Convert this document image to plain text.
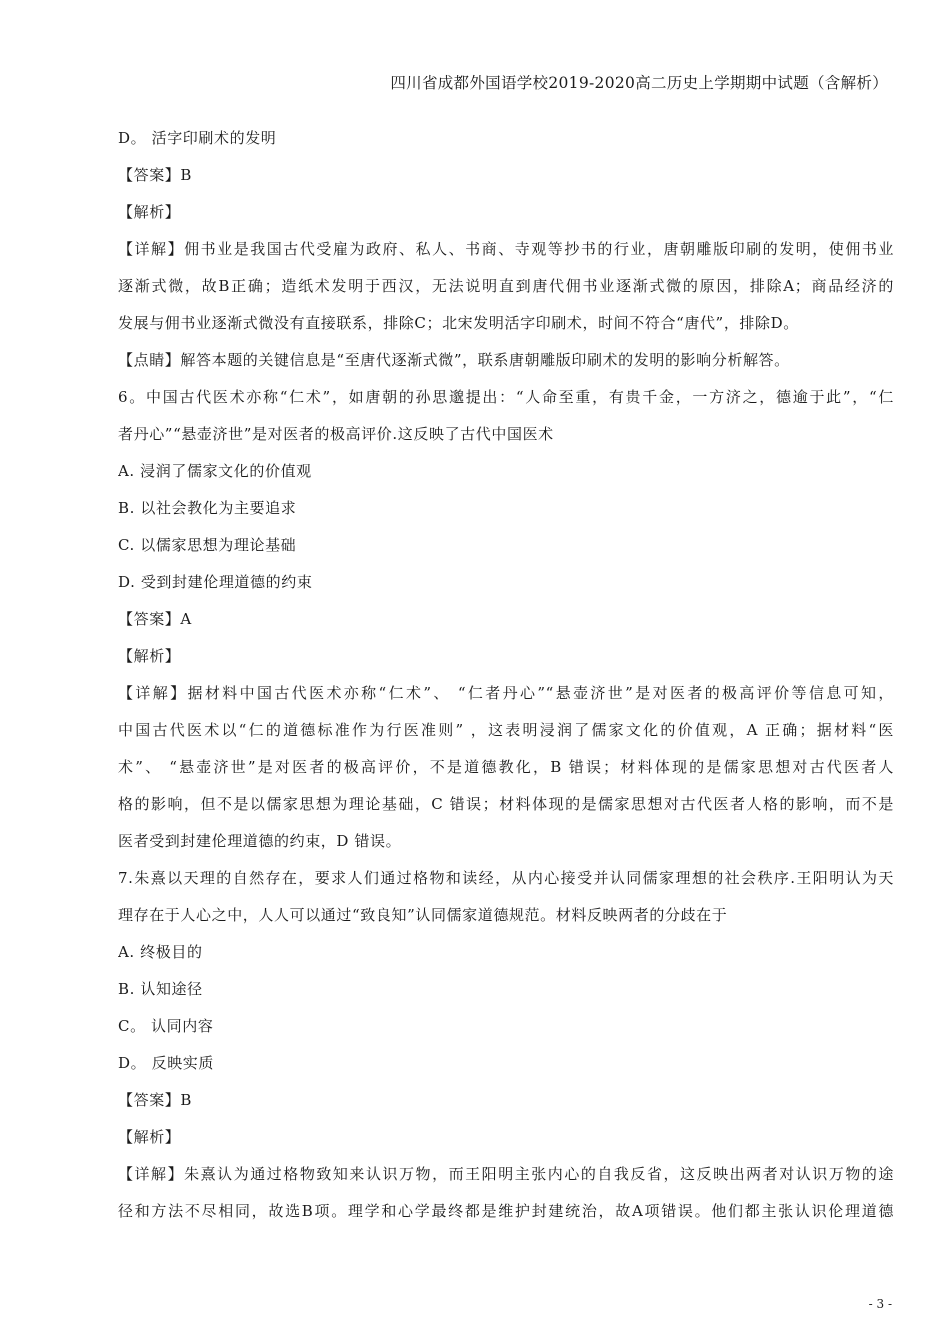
四川省成都外国语学校2019-2020高二历史上学期期中试题（含解析）
D。 活字印刷术的发明
【答案】B
【解析】
【详解】佣书业是我国古代受雇为政府、私人、书商、寺观等抄书的行业，唐朝雕版印刷的发明，使佣书业
逐渐式微，故B正确；造纸术发明于西汉，无法说明直到唐代佣书业逐渐式微的原因，排除A；商品经济的
发展与佣书业逐渐式微没有直接联系，排除C；北宋发明活字印刷术，时间不符合“唐代”，排除D。
【点睛】解答本题的关键信息是“至唐代逐渐式微”，联系唐朝雕版印刷术的发明的影响分析解答。
6。中国古代医术亦称“仁术”，如唐朝的孙思邈提出：“人命至重，有贵千金，一方济之，德逾于此”，“仁
者丹心”“悬壶济世”是对医者的极高评价.这反映了古代中国医术
A. 浸润了儒家文化的价值观
B. 以社会教化为主要追求
C. 以儒家思想为理论基础
D. 受到封建伦理道德的约束
【答案】A
【解析】
【详解】据材料中国古代医术亦称“仁术”、 “仁者丹心”“悬壶济世”是对医者的极高评价等信息可知，
中国古代医术以“仁的道德标准作为行医准则” ，这表明浸润了儒家文化的价值观，A 正确；据材料“医
术”、 “悬壶济世”是对医者的极高评价，不是道德教化，B 错误；材料体现的是儒家思想对古代医者人
格的影响，但不是以儒家思想为理论基础，C 错误；材料体现的是儒家思想对古代医者人格的影响，而不是
医者受到封建伦理道德的约束，D 错误。
7.朱熹以天理的自然存在，要求人们通过格物和读经，从内心接受并认同儒家理想的社会秩序.王阳明认为天
理存在于人心之中，人人可以通过“致良知”认同儒家道德规范。材料反映两者的分歧在于
A. 终极目的
B. 认知途径
C。 认同内容
D。 反映实质
【答案】B
【解析】
【详解】朱熹认为通过格物致知来认识万物，而王阳明主张内心的自我反省，这反映出两者对认识万物的途
径和方法不尽相同，故选B项。理学和心学最终都是维护封建统治，故A项错误。他们都主张认识伦理道德
- 3 -
